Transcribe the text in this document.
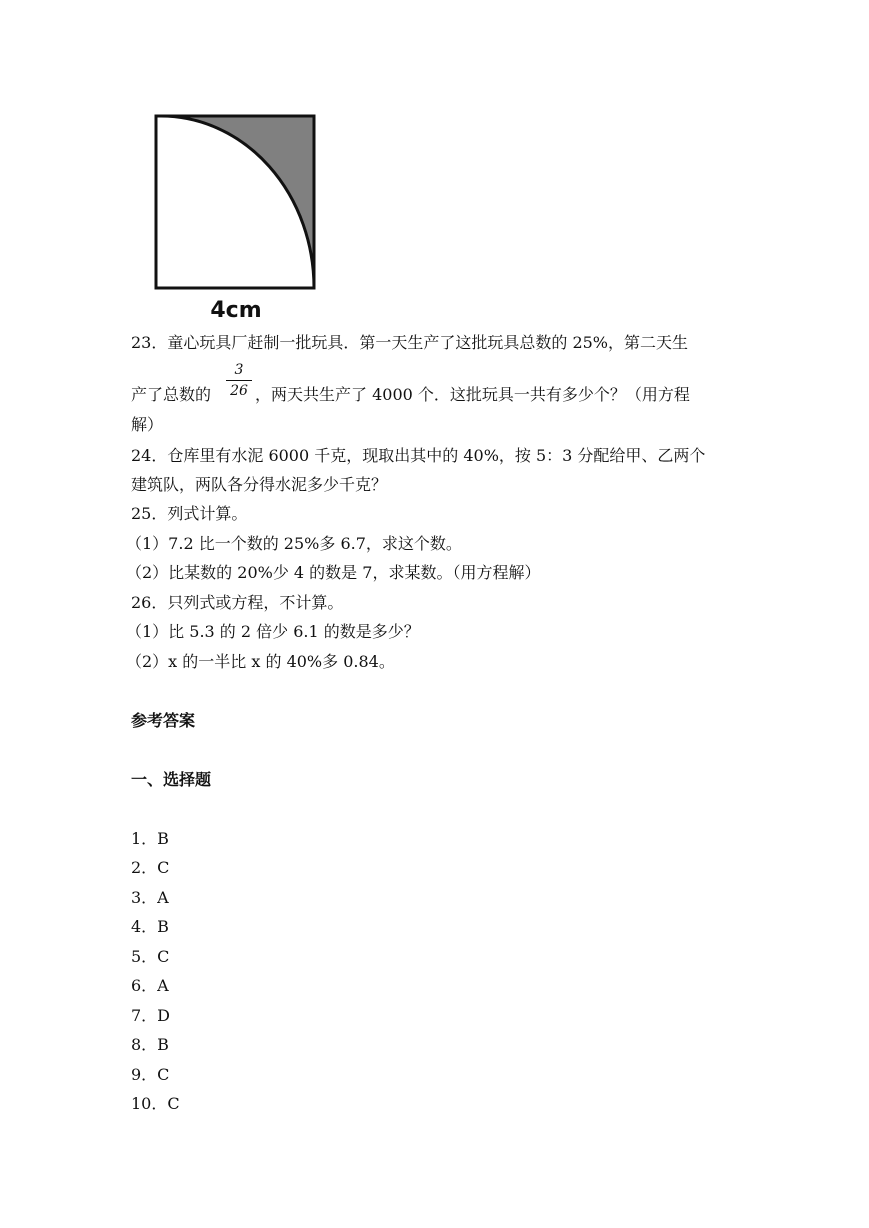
4cm
23．童心玩具厂赶制一批玩具．第一天生产了这批玩具总数的 25%，第二天生
产了总数的
3
26 ，两天共生产了 4000 个．这批玩具一共有多少个？（用方程
解）
24．仓库里有水泥 6000 千克，现取出其中的 40%，按 5：3 分配给甲、乙两个
建筑队，两队各分得水泥多少千克？
25．列式计算。
（1）7.2 比一个数的 25%多 6.7，求这个数。
（2）比某数的 20%少 4 的数是 7，求某数。（用方程解）
26．只列式或方程，不计算。
（1）比 5.3 的 2 倍少 6.1 的数是多少？
（2）x 的一半比 x 的 40%多 0.84。
参考答案
一、选择题
1．B
2．C
3．A
4．B
5．C
6．A
7．D
8．B
9．C
10．C
